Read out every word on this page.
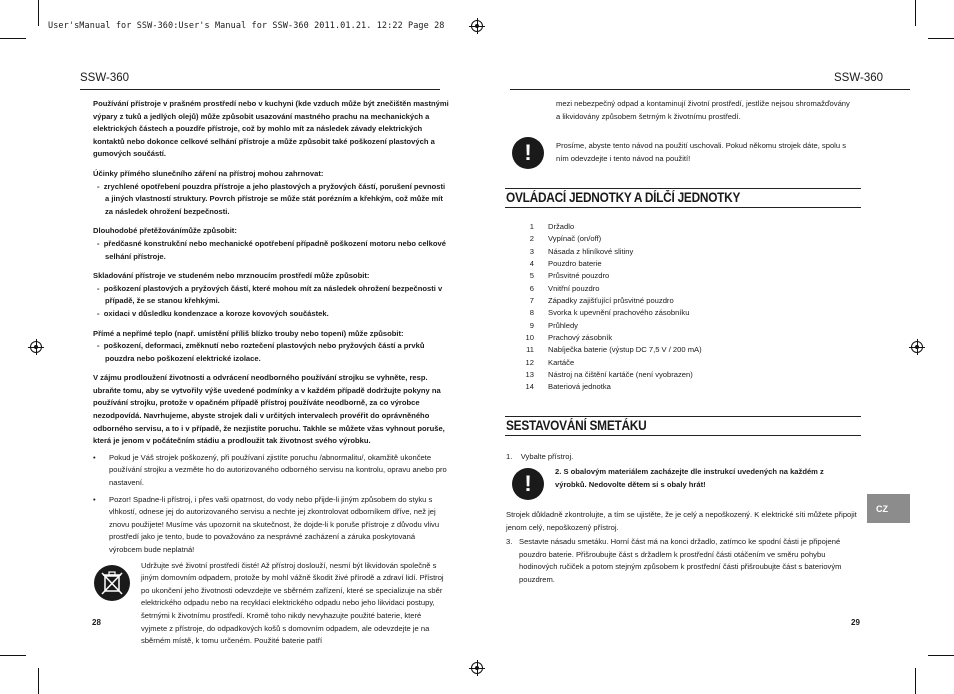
User'sManual for SSW-360:User's Manual for SSW-360 2011.01.21. 12:22 Page 28
SSW-360

Používání přístroje v prašném prostředí nebo v kuchyni (kde vzduch může být znečištěn mastnými výpary z tuků a jedlých olejů) může způsobit usazování mastného prachu na mechanických a elektrických částech a pouzdře přístroje, což by mohlo mít za následek závady elektrických kontaktů nebo dokonce celkové selhání přístroje a může způsobit také poškození plastových a gumových součástí.

Účinky přímého slunečního záření na přístroj mohou zahrnovat:

-  zrychlené opotřebení pouzdra přístroje a jeho plastových a pryžových částí, porušení pevnosti a jiných vlastností struktury. Povrch přístroje se může stát porézním a křehkým, což může mít za následek ohrožení bezpečnosti.

Dlouhodobé přetěžovánímůže způsobit:

-  předčasné konstrukční nebo mechanické opotřebení případně poškození motoru nebo celkové selhání přístroje.

Skladování přístroje ve studeném nebo mrznoucím prostředí může způsobit:

-  poškození plastových a pryžových částí, které mohou mít za následek ohrožení bezpečnosti v případě, že se stanou křehkými.

-  oxidaci v důsledku kondenzace a koroze kovových součástek.

Přímé a nepřímé teplo (např. umístění příliš blízko trouby nebo topení) může způsobit:

-  poškození, deformaci, změknutí nebo roztečení plastových nebo pryžových částí a prvků pouzdra nebo poškození elektrické izolace.

V zájmu prodloužení životnosti a odvrácení neodborného používání strojku se vyhněte, resp. ubraňte tomu, aby se vytvořily výše uvedené podmínky a v každém případě dodržujte pokyny na používání strojku, protože v opačném případě přístroj používáte neodborně, za co výrobce nezodpovídá. Navrhujeme, abyste strojek dali v určitých intervalech provéřit do oprávněného odborného servisu, a to i v případě, že nezjistíte poruchu. Takhle se můžete vžas vyhnout poruše, která je jenom v počátečním stádiu a prodloužit tak životnost svého výrobku.

•	Pokud je Váš strojek poškozený, při používaní zjistíte poruchu /abnormalitu/, okamžitě ukončete používání strojku a vezměte ho do autorizovaného odborného servisu na kontrolu, opravu anebo pro nastavení.
•	Pozor! Spadne-li přístroj, i přes vaši opatrnost, do vody nebo přijde-li jiným způsobem do styku s vlhkostí, odnese jej do autorizovaného servisu a nechte jej zkontrolovat odborníkem dříve, než jej znovu použijete! Musíme vás upozornit na skutečnost, že dojde-li k poruše přístroje z důvodu vlivu prostředí jako je tento, bude to považováno za nesprávné zacházení a záruka poskytovaná výrobcem bude neplatná!

Udržujte své životní prostředí čisté! Až přístroj doslouží, nesmí být likvidován společně s jiným domovním odpadem, protože by mohl vážně škodit živé přírodě a zdraví lidí. Přístroj po ukončení jeho životnosti odevzdejte ve sběrném zařízení, které se specializuje na sběr elektrického odpadu nebo na recyklaci elektrického odpadu nebo jeho likvidaci postupy, šetrnými k životnímu prostředí. Kromě toho nikdy nevyhazujte použité baterie, které vyjmete z přístroje, do odpadkových košů s domovním odpadem, ale odevzdejte je na sběrném místě, k tomu určeném. Použité baterie patří

28
SSW-360

mezi nebezpečný odpad a kontaminují životní prostředí, jestliže nejsou shromažďovány a likvidovány způsobem šetrným k životnímu prostředí.

!	Prosíme, abyste tento návod na použití uschovali. Pokud někomu strojek dáte, spolu s ním odevzdejte i tento návod na použití!

OVLÁDACÍ JEDNOTKY A DÍLČÍ JEDNOTKY
1	Držadlo
2	Vypínač (on/off)
3	Násada z hliníkové slitiny
4	Pouzdro baterie
5	Průsvitné pouzdro
6	Vnitřní pouzdro
7	Západky zajišťující průsvitné pouzdro
8	Svorka k upevnění prachového zásobníku
9	Průhledy
10	Prachový zásobník
11	Nabíječka baterie (výstup DC 7,5 V / 200 mA)
12	Kartáče
13	Nástroj na čištění kartáče (není vyobrazen)
14	Bateriová jednotka
SESTAVOVÁNÍ SMETÁKU
1.    Vybalte přístroj.
!	2. S obalovým materiálem zacházejte dle instrukcí uvedených na každém z výrobků. Nedovolte dětem si s obaly hrát!

Strojek důkladně zkontrolujte, a tím se ujistěte, že je celý a nepoškozený. K elektrické síti můžete připojit jenom celý, nepoškozený přístroj.

3. Sestavte násadu smetáku. Horní část má na konci držadlo, zatímco ke spodní části je připojené pouzdro baterie. Přišroubujte část s držadlem k prostřední části otáčením ve směru pohybu hodinových ručiček a potom stejným způsobem k prostřední části přišroubujte část s bateriovým pouzdrem.

CZ
29
